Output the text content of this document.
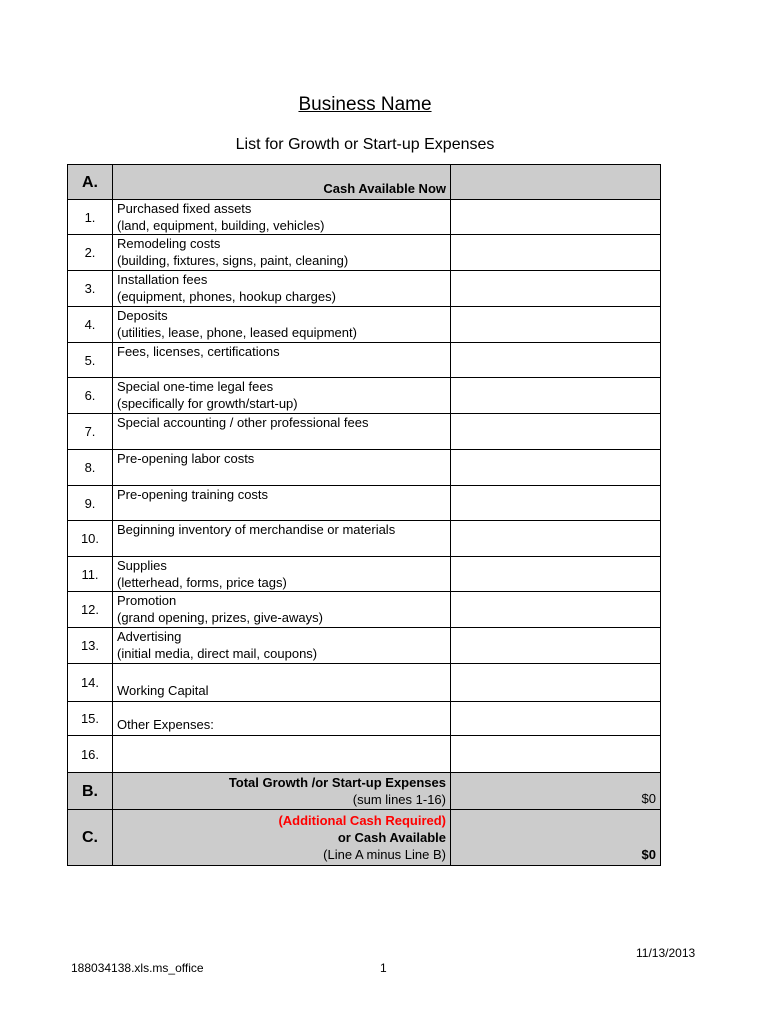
Business Name
List for Growth or Start-up Expenses
A.	Cash Available Now	
1.	Purchased fixed assets
(land, equipment, building, vehicles)	

2.	Remodeling costs
(building, fixtures, signs, paint, cleaning)	

3.	Installation fees
(equipment, phones, hookup charges)	

4.	Deposits
(utilities, lease, phone, leased equipment)	

5.	Fees, licenses, certifications	

6.	Special one-time legal fees
(specifically for growth/start-up)	

7.	Special accounting / other professional fees	

8.	Pre-opening labor costs	

9.	Pre-opening training costs	

10.	Beginning inventory of merchandise or materials	

11.	Supplies
(letterhead, forms, price tags)	

12.	Promotion
(grand opening, prizes, give-aways)	

13.	Advertising
(initial media, direct mail, coupons)	

14.	Working Capital	

15.	Other Expenses:	

16.	

B.	Total Growth /or Start-up Expenses
(sum lines 1-16)	$0
C.	(Additional Cash Required)
or Cash Available
(Line A minus Line B)	$0
11/13/2013
188034138.xls.ms_office	1
